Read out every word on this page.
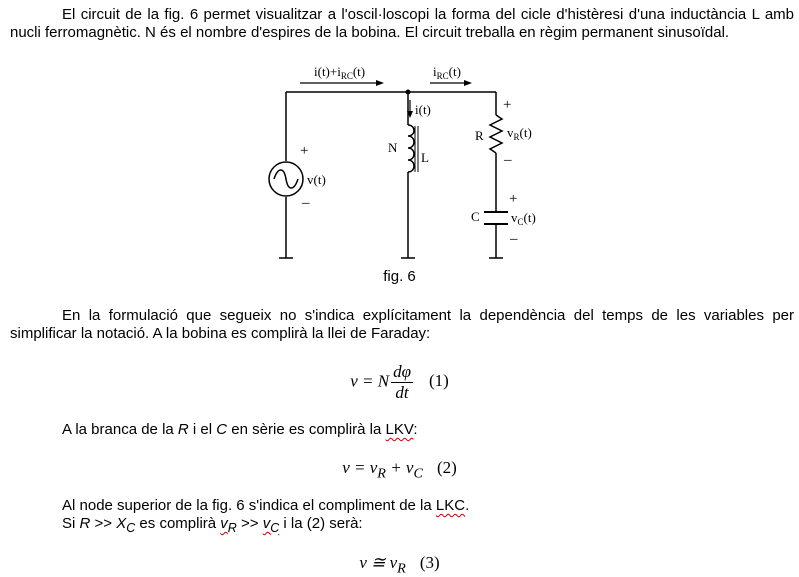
El circuit de la fig. 6 permet visualitzar a l'oscil·loscopi la forma del cicle d'histèresi d'una inductància L amb nucli ferromagnètic. N és el nombre d'espires de la bobina. El circuit treballa en règim permanent sinusoïdal.
$i(t)+i_{RC}(t)$	$i_{RC}(t)$
i(t)
N
L
R $v_R(t)$
C $v_C(t)$
v(t)
+
–
+
–
+
–
fig. 6
En la formulació que segueix no s'indica explícitament la dependència del temps de les variables per simplificar la notació. A la bobina es complirà la llei de Faraday:
v = N $\frac{d\varphi}{dt} (1)$
A la branca de la R i el C en sèrie es complirà la LKV:
$v = v_R + v_C$ (2)
Al node superior de la fig. 6 s'indica el compliment de la LKC.
Si $R >> X_C$ es complirà $v_R >> v_C$ i la (2) serà:
v ≅ $v_R$ (3)
